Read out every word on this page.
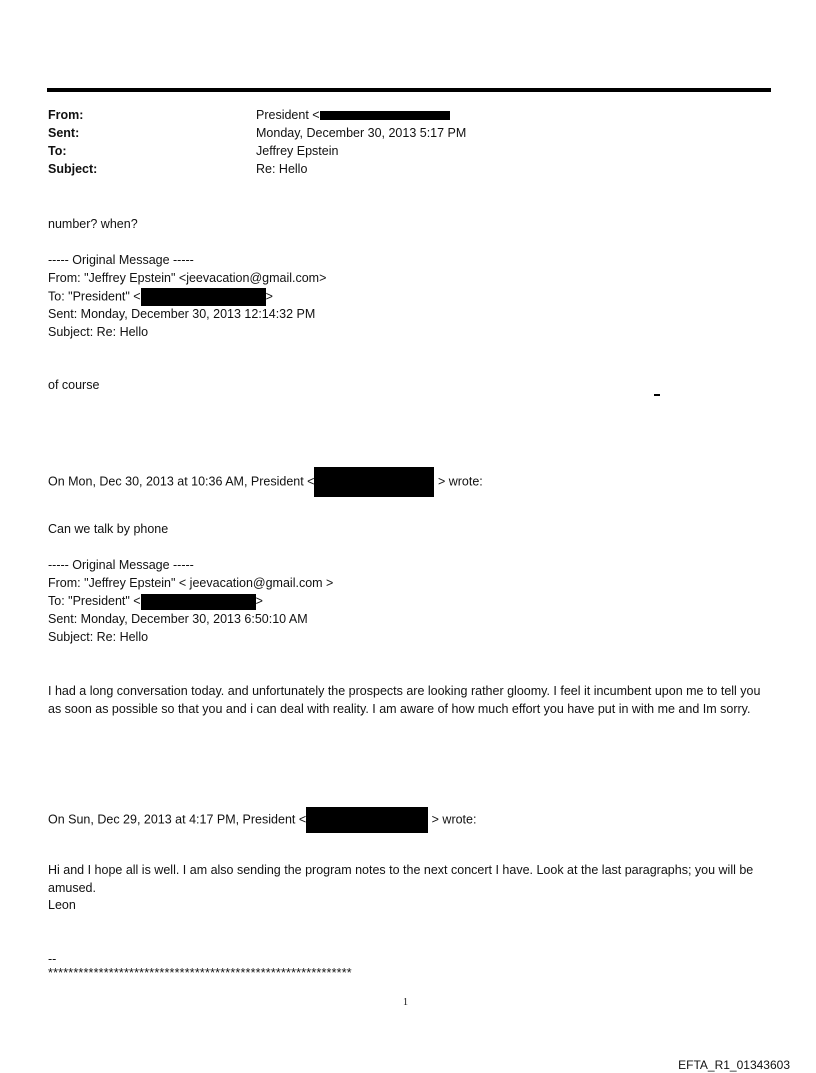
From:	President <
Sent:	Monday, December 30, 2013 5:17 PM
To:	Jeffrey Epstein
Subject:	Re: Hello
number? when?
----- Original Message -----
From: "Jeffrey Epstein" <jeevacation@gmail.com>
To: "President" <	>
Sent: Monday, December 30, 2013 12:14:32 PM
Subject: Re: Hello
of course
On Mon, Dec 30, 2013 at 10:36 AM, President <	> wrote:
Can we talk by phone
----- Original Message -----
From: "Jeffrey Epstein" < jeevacation@gmail.com >
To: "President" <	>
Sent: Monday, December 30, 2013 6:50:10 AM
Subject: Re: Hello
I had a long conversation today. and unfortunately the prospects are looking rather gloomy. I feel it incumbent upon me to tell you as soon as possible so that you and i can deal with reality. I am aware of how much effort you have put in with me and Im sorry.
On Sun, Dec 29, 2013 at 4:17 PM, President <	> wrote:
Hi and I hope all is well. I am also sending the program notes to the next concert I have. Look at the last paragraphs; you will be amused.
Leon
--
************************************************************
1
EFTA_R1_01343603
